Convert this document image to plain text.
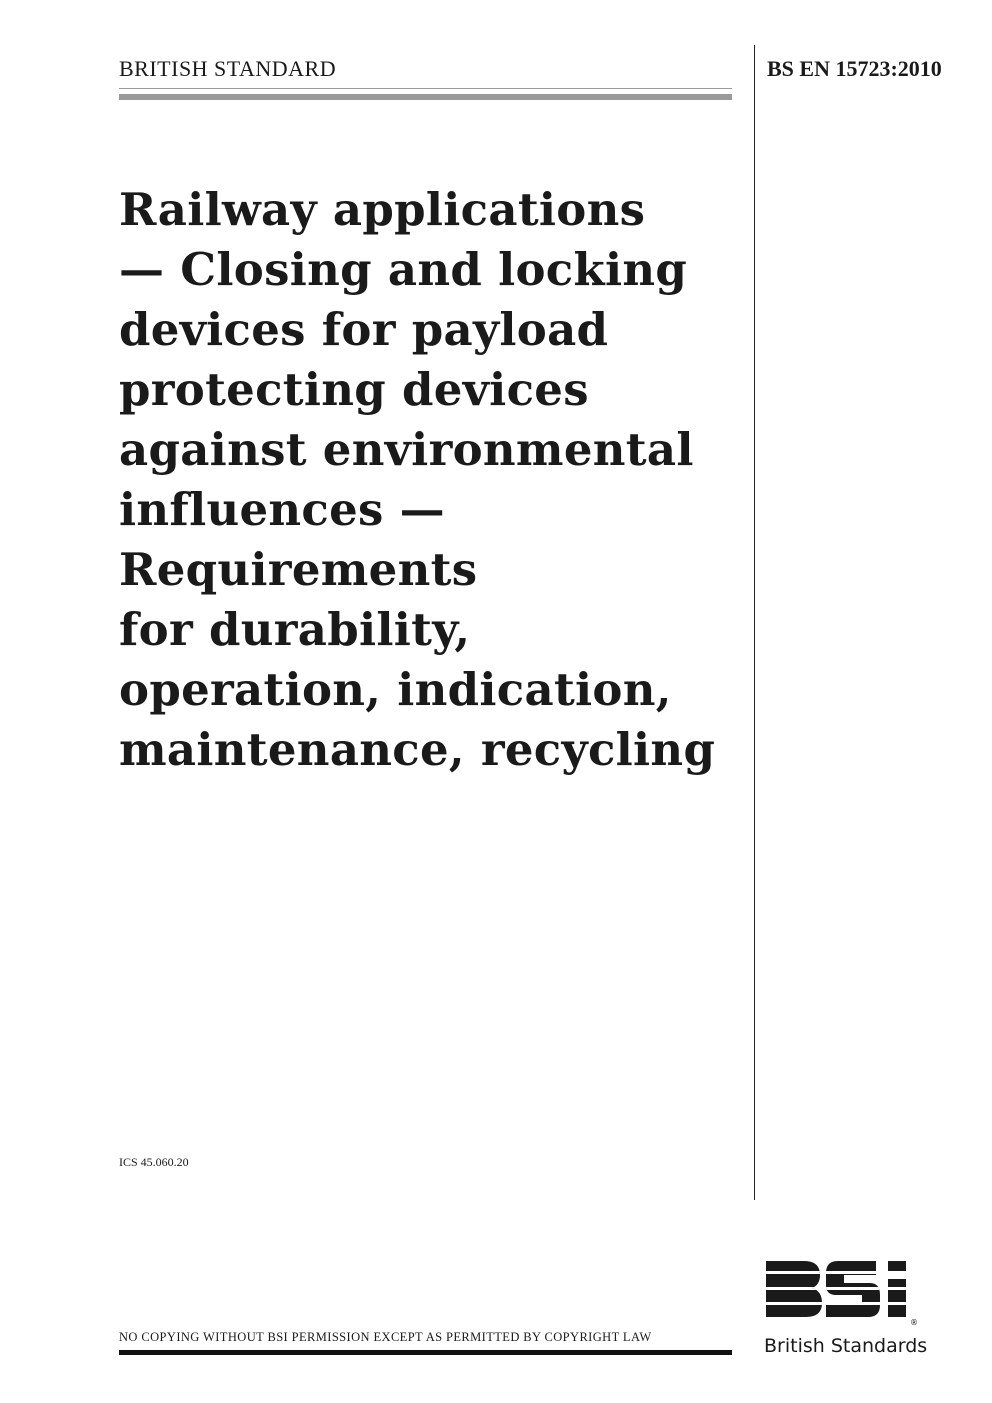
BRITISH STANDARD	BS EN 15723:2010
Railway applications
— Closing and locking
devices for payload
protecting devices
against environmental
influences —
Requirements
for durability,
operation, indication,
maintenance, recycling
ICS 45.060.20
NO COPYING WITHOUT BSI PERMISSION EXCEPT AS PERMITTED BY COPYRIGHT LAW
®
British Standards
